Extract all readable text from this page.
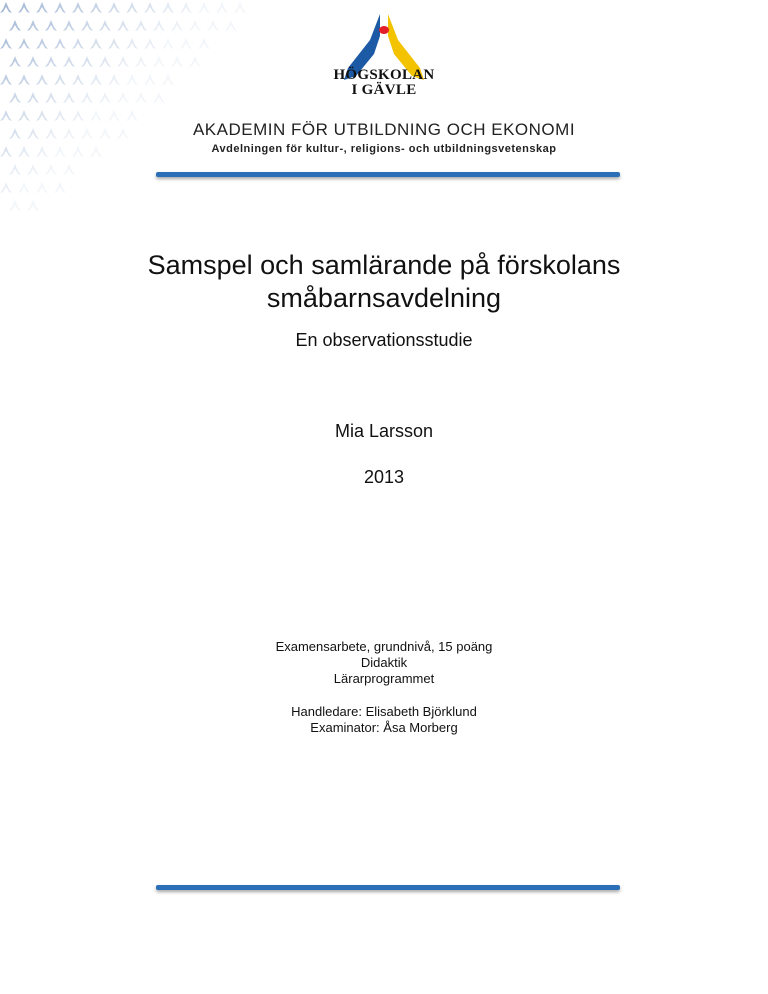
HÖGSKOLAN
I GÄVLE
AKADEMIN FÖR UTBILDNING OCH EKONOMI
Avdelningen för kultur-, religions- och utbildningsvetenskap
Samspel och samlärande på förskolans
småbarnsavdelning
En observationsstudie
Mia Larsson
2013
Examensarbete, grundnivå, 15 poäng
Didaktik
Lärarprogrammet
Handledare: Elisabeth Björklund
Examinator: Åsa Morberg
